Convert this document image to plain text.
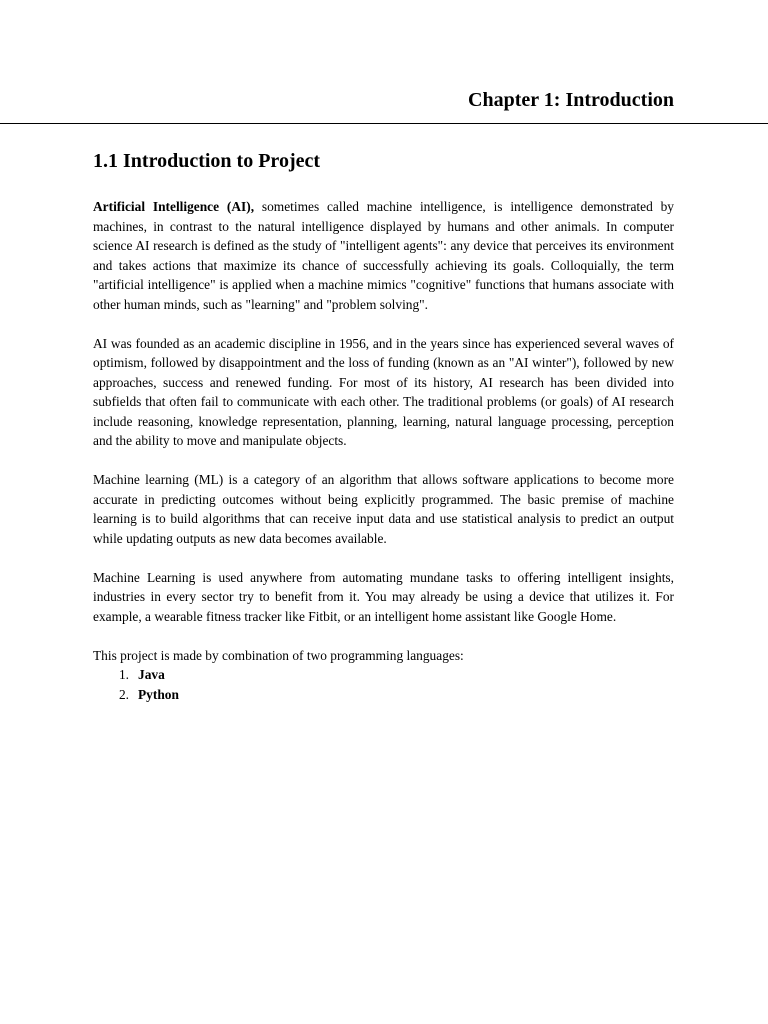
Chapter 1: Introduction
1.1 Introduction to Project

Artificial Intelligence (AI), sometimes called machine intelligence, is intelligence demonstrated by machines, in contrast to the natural intelligence displayed by humans and other animals. In computer science AI research is defined as the study of "intelligent agents": any device that perceives its environment and takes actions that maximize its chance of successfully achieving its goals. Colloquially, the term "artificial intelligence" is applied when a machine mimics "cognitive" functions that humans associate with other human minds, such as "learning" and "problem solving".

AI was founded as an academic discipline in 1956, and in the years since has experienced several waves of optimism, followed by disappointment and the loss of funding (known as an "AI winter"), followed by new approaches, success and renewed funding. For most of its history, AI research has been divided into subfields that often fail to communicate with each other. The traditional problems (or goals) of AI research include reasoning, knowledge representation, planning, learning, natural language processing, perception and the ability to move and manipulate objects.

Machine learning (ML) is a category of an algorithm that allows software applications to become more accurate in predicting outcomes without being explicitly programmed. The basic premise of machine learning is to build algorithms that can receive input data and use statistical analysis to predict an output while updating outputs as new data becomes available.

Machine Learning is used anywhere from automating mundane tasks to offering intelligent insights, industries in every sector try to benefit from it. You may already be using a device that utilizes it. For example, a wearable fitness tracker like Fitbit, or an intelligent home assistant like Google Home.

This project is made by combination of two programming languages:

1. Java
2. Python
